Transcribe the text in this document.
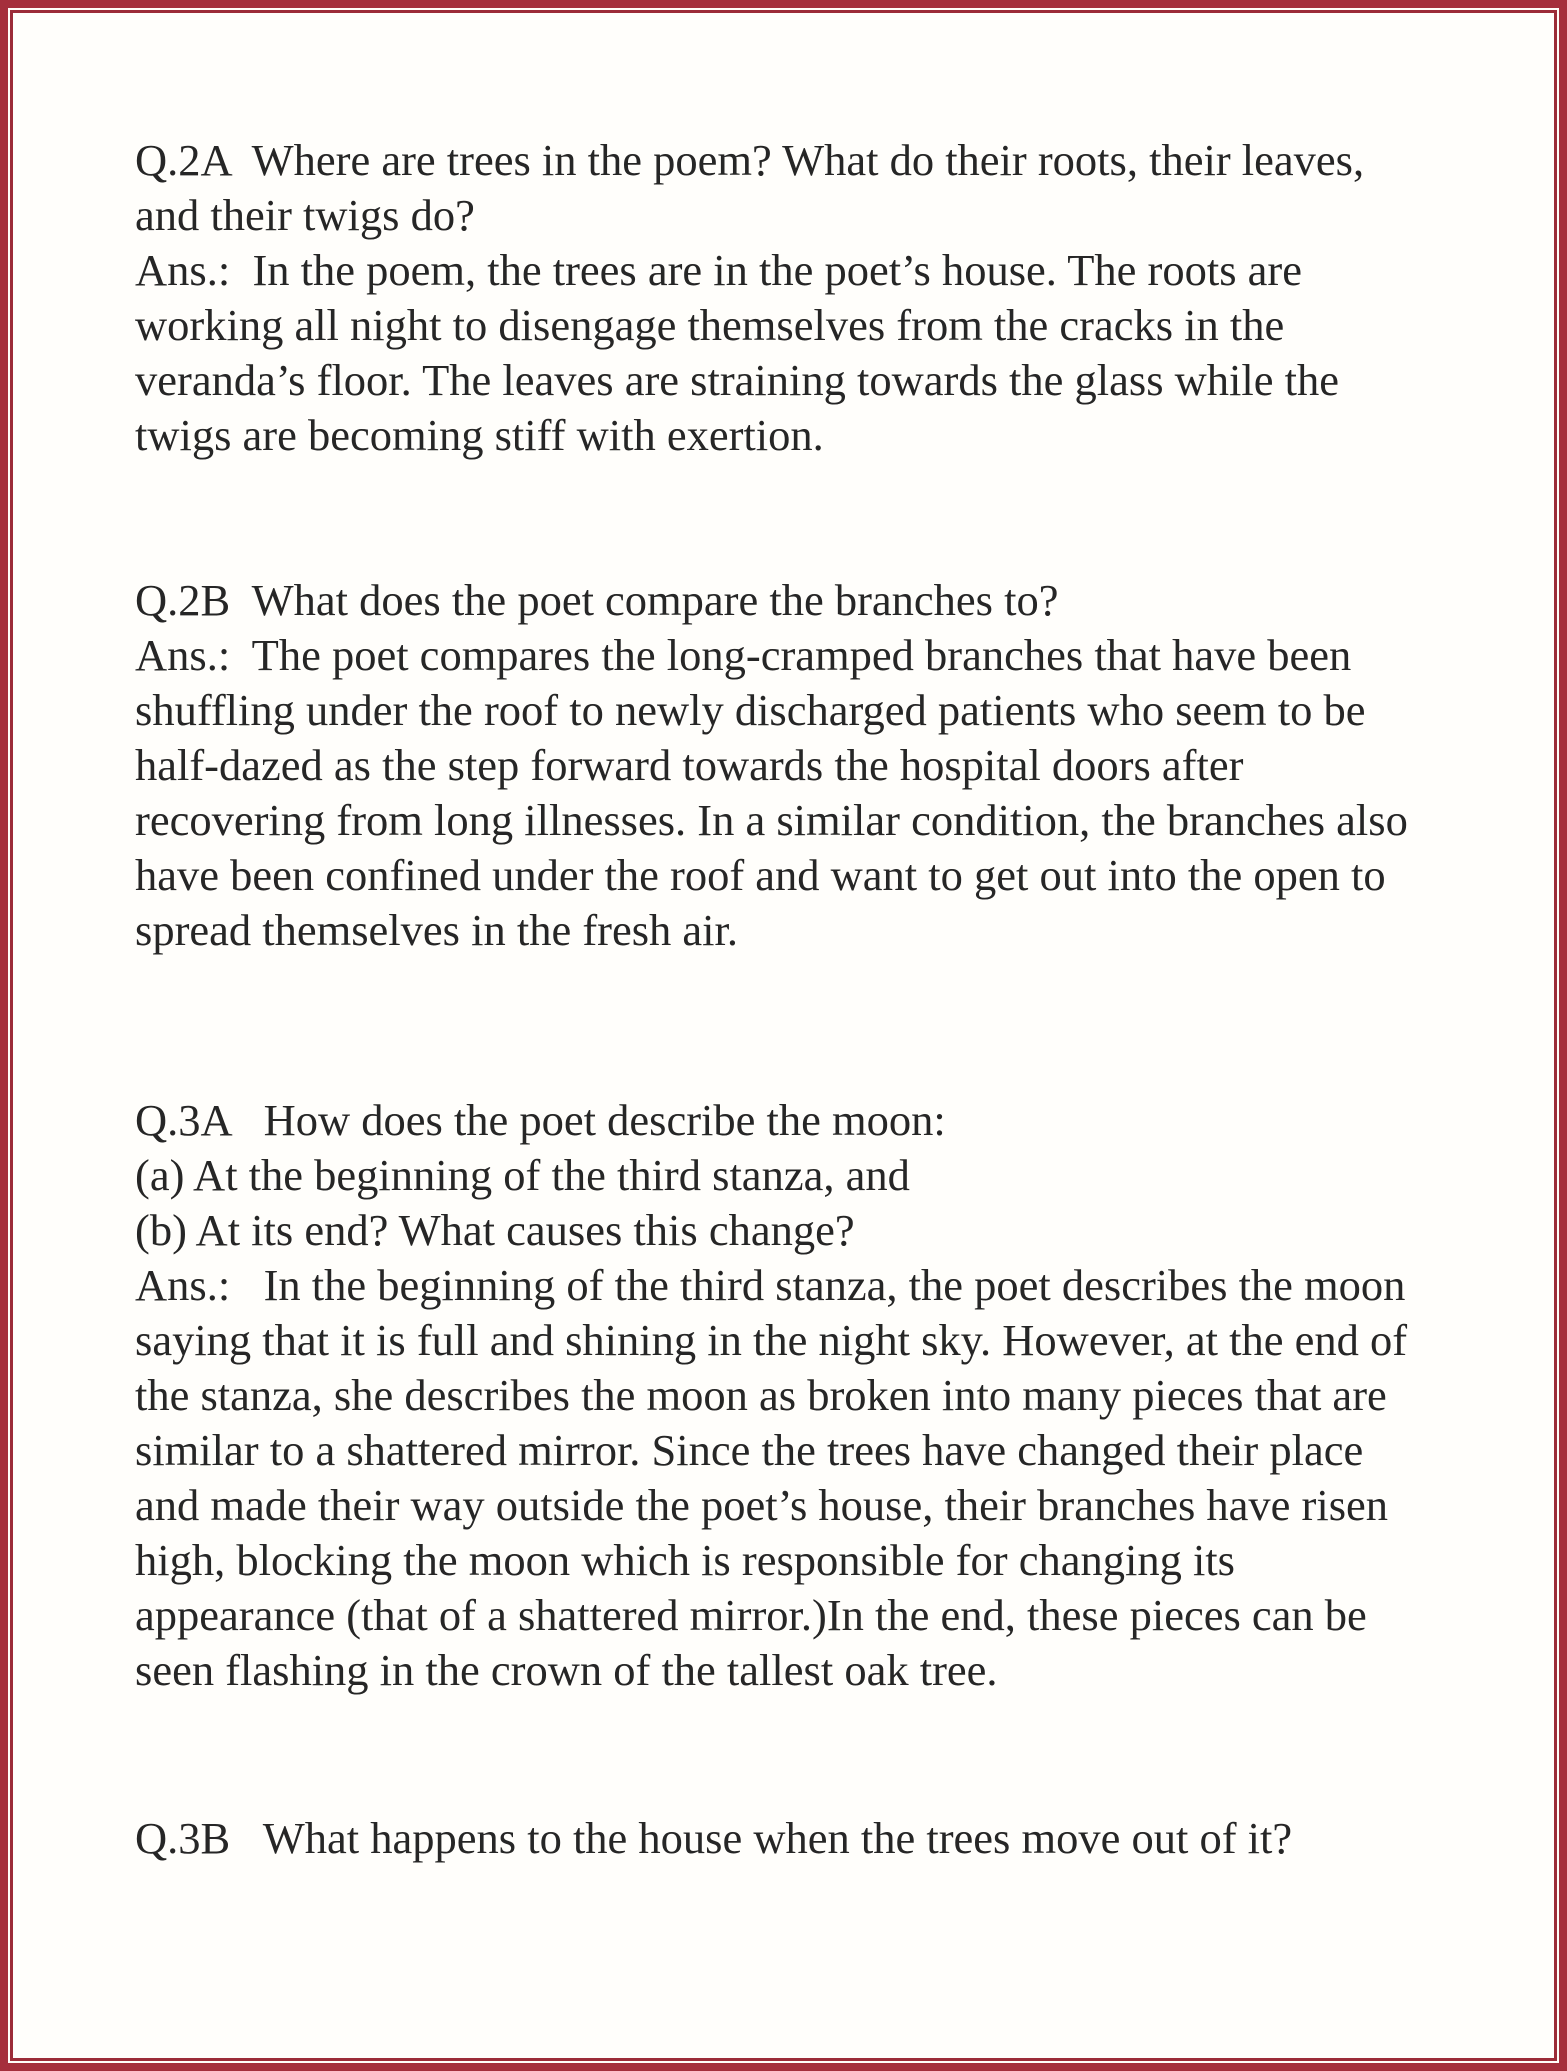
Q.2A  Where are trees in the poem? What do their roots, their leaves,
and their twigs do?
Ans.:  In the poem, the trees are in the poet’s house. The roots are
working all night to disengage themselves from the cracks in the
veranda’s floor. The leaves are straining towards the glass while the
twigs are becoming stiff with exertion.
Q.2B  What does the poet compare the branches to?
Ans.:  The poet compares the long-cramped branches that have been
shuffling under the roof to newly discharged patients who seem to be
half-dazed as the step forward towards the hospital doors after
recovering from long illnesses. In a similar condition, the branches also
have been confined under the roof and want to get out into the open to
spread themselves in the fresh air.
Q.3A   How does the poet describe the moon:
(a) At the beginning of the third stanza, and
(b) At its end? What causes this change?
Ans.:   In the beginning of the third stanza, the poet describes the moon
saying that it is full and shining in the night sky. However, at the end of
the stanza, she describes the moon as broken into many pieces that are
similar to a shattered mirror. Since the trees have changed their place
and made their way outside the poet’s house, their branches have risen
high, blocking the moon which is responsible for changing its
appearance (that of a shattered mirror.)In the end, these pieces can be
seen flashing in the crown of the tallest oak tree.
Q.3B   What happens to the house when the trees move out of it?
